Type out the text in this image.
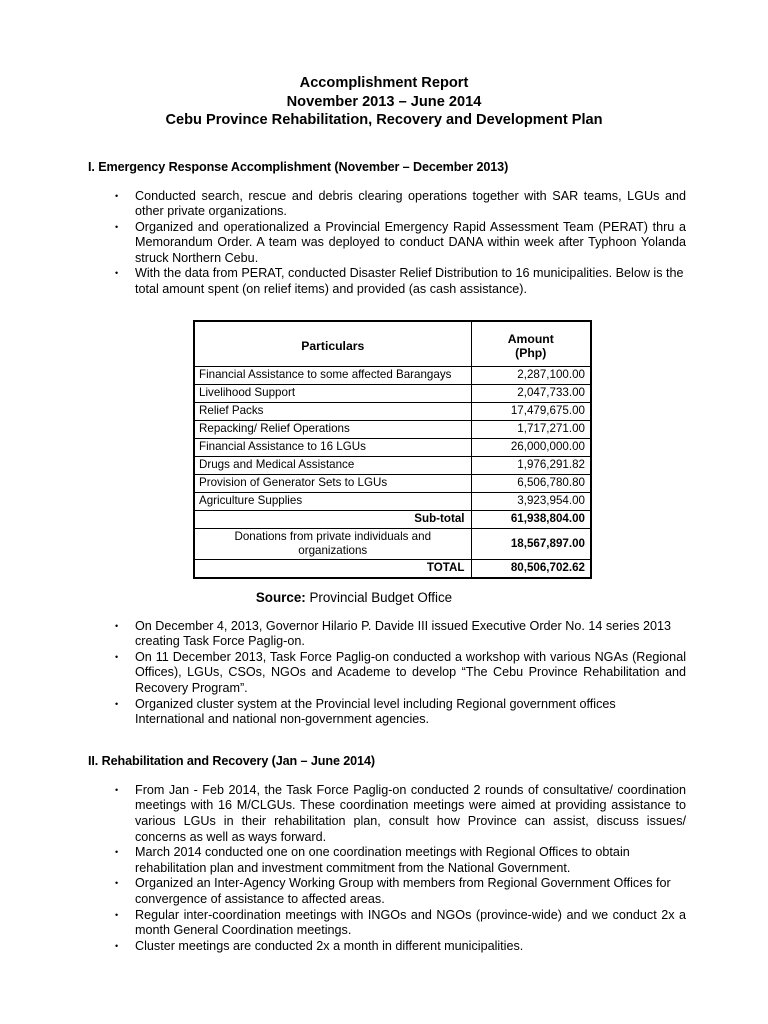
Accomplishment Report
November 2013 – June 2014
Cebu Province Rehabilitation, Recovery and Development Plan
I. Emergency Response Accomplishment (November – December 2013)
• Conducted search, rescue and debris clearing operations together with SAR teams, LGUs and other private organizations.
• Organized and operationalized a Provincial Emergency Rapid Assessment Team (PERAT) thru a Memorandum Order. A team was deployed to conduct DANA within week after Typhoon Yolanda struck Northern Cebu.
• With the data from PERAT, conducted Disaster Relief Distribution to 16 municipalities. Below is the total amount spent (on relief items) and provided (as cash assistance).
Particulars	Amount
(Php)
Financial Assistance to some affected Barangays	2,287,100.00
Livelihood Support	2,047,733.00
Relief Packs	17,479,675.00
Repacking/ Relief Operations	1,717,271.00
Financial Assistance to 16 LGUs	26,000,000.00
Drugs and Medical Assistance	1,976,291.82
Provision of Generator Sets to LGUs	6,506,780.80
Agriculture Supplies	3,923,954.00
Sub-total	61,938,804.00
Donations from private individuals and organizations	18,567,897.00
TOTAL	80,506,702.62
Source: Provincial Budget Office
• On December 4, 2013, Governor Hilario P. Davide III issued Executive Order No. 14 series 2013 creating Task Force Paglig-on.
• On 11 December 2013, Task Force Paglig-on conducted a workshop with various NGAs (Regional Offices), LGUs, CSOs, NGOs and Academe to develop “The Cebu Province Rehabilitation and Recovery Program”.
• Organized cluster system at the Provincial level including Regional government offices International and national non-government agencies.
II. Rehabilitation and Recovery (Jan – June 2014)
• From Jan - Feb 2014, the Task Force Paglig-on conducted 2 rounds of consultative/ coordination meetings with 16 M/CLGUs. These coordination meetings were aimed at providing assistance to various LGUs in their rehabilitation plan, consult how Province can assist, discuss issues/ concerns as well as ways forward.
• March 2014 conducted one on one coordination meetings with Regional Offices to obtain rehabilitation plan and investment commitment from the National Government.
• Organized an Inter-Agency Working Group with members from Regional Government Offices for convergence of assistance to affected areas.
• Regular inter-coordination meetings with INGOs and NGOs (province-wide) and we conduct 2x a month General Coordination meetings.
• Cluster meetings are conducted 2x a month in different municipalities.
